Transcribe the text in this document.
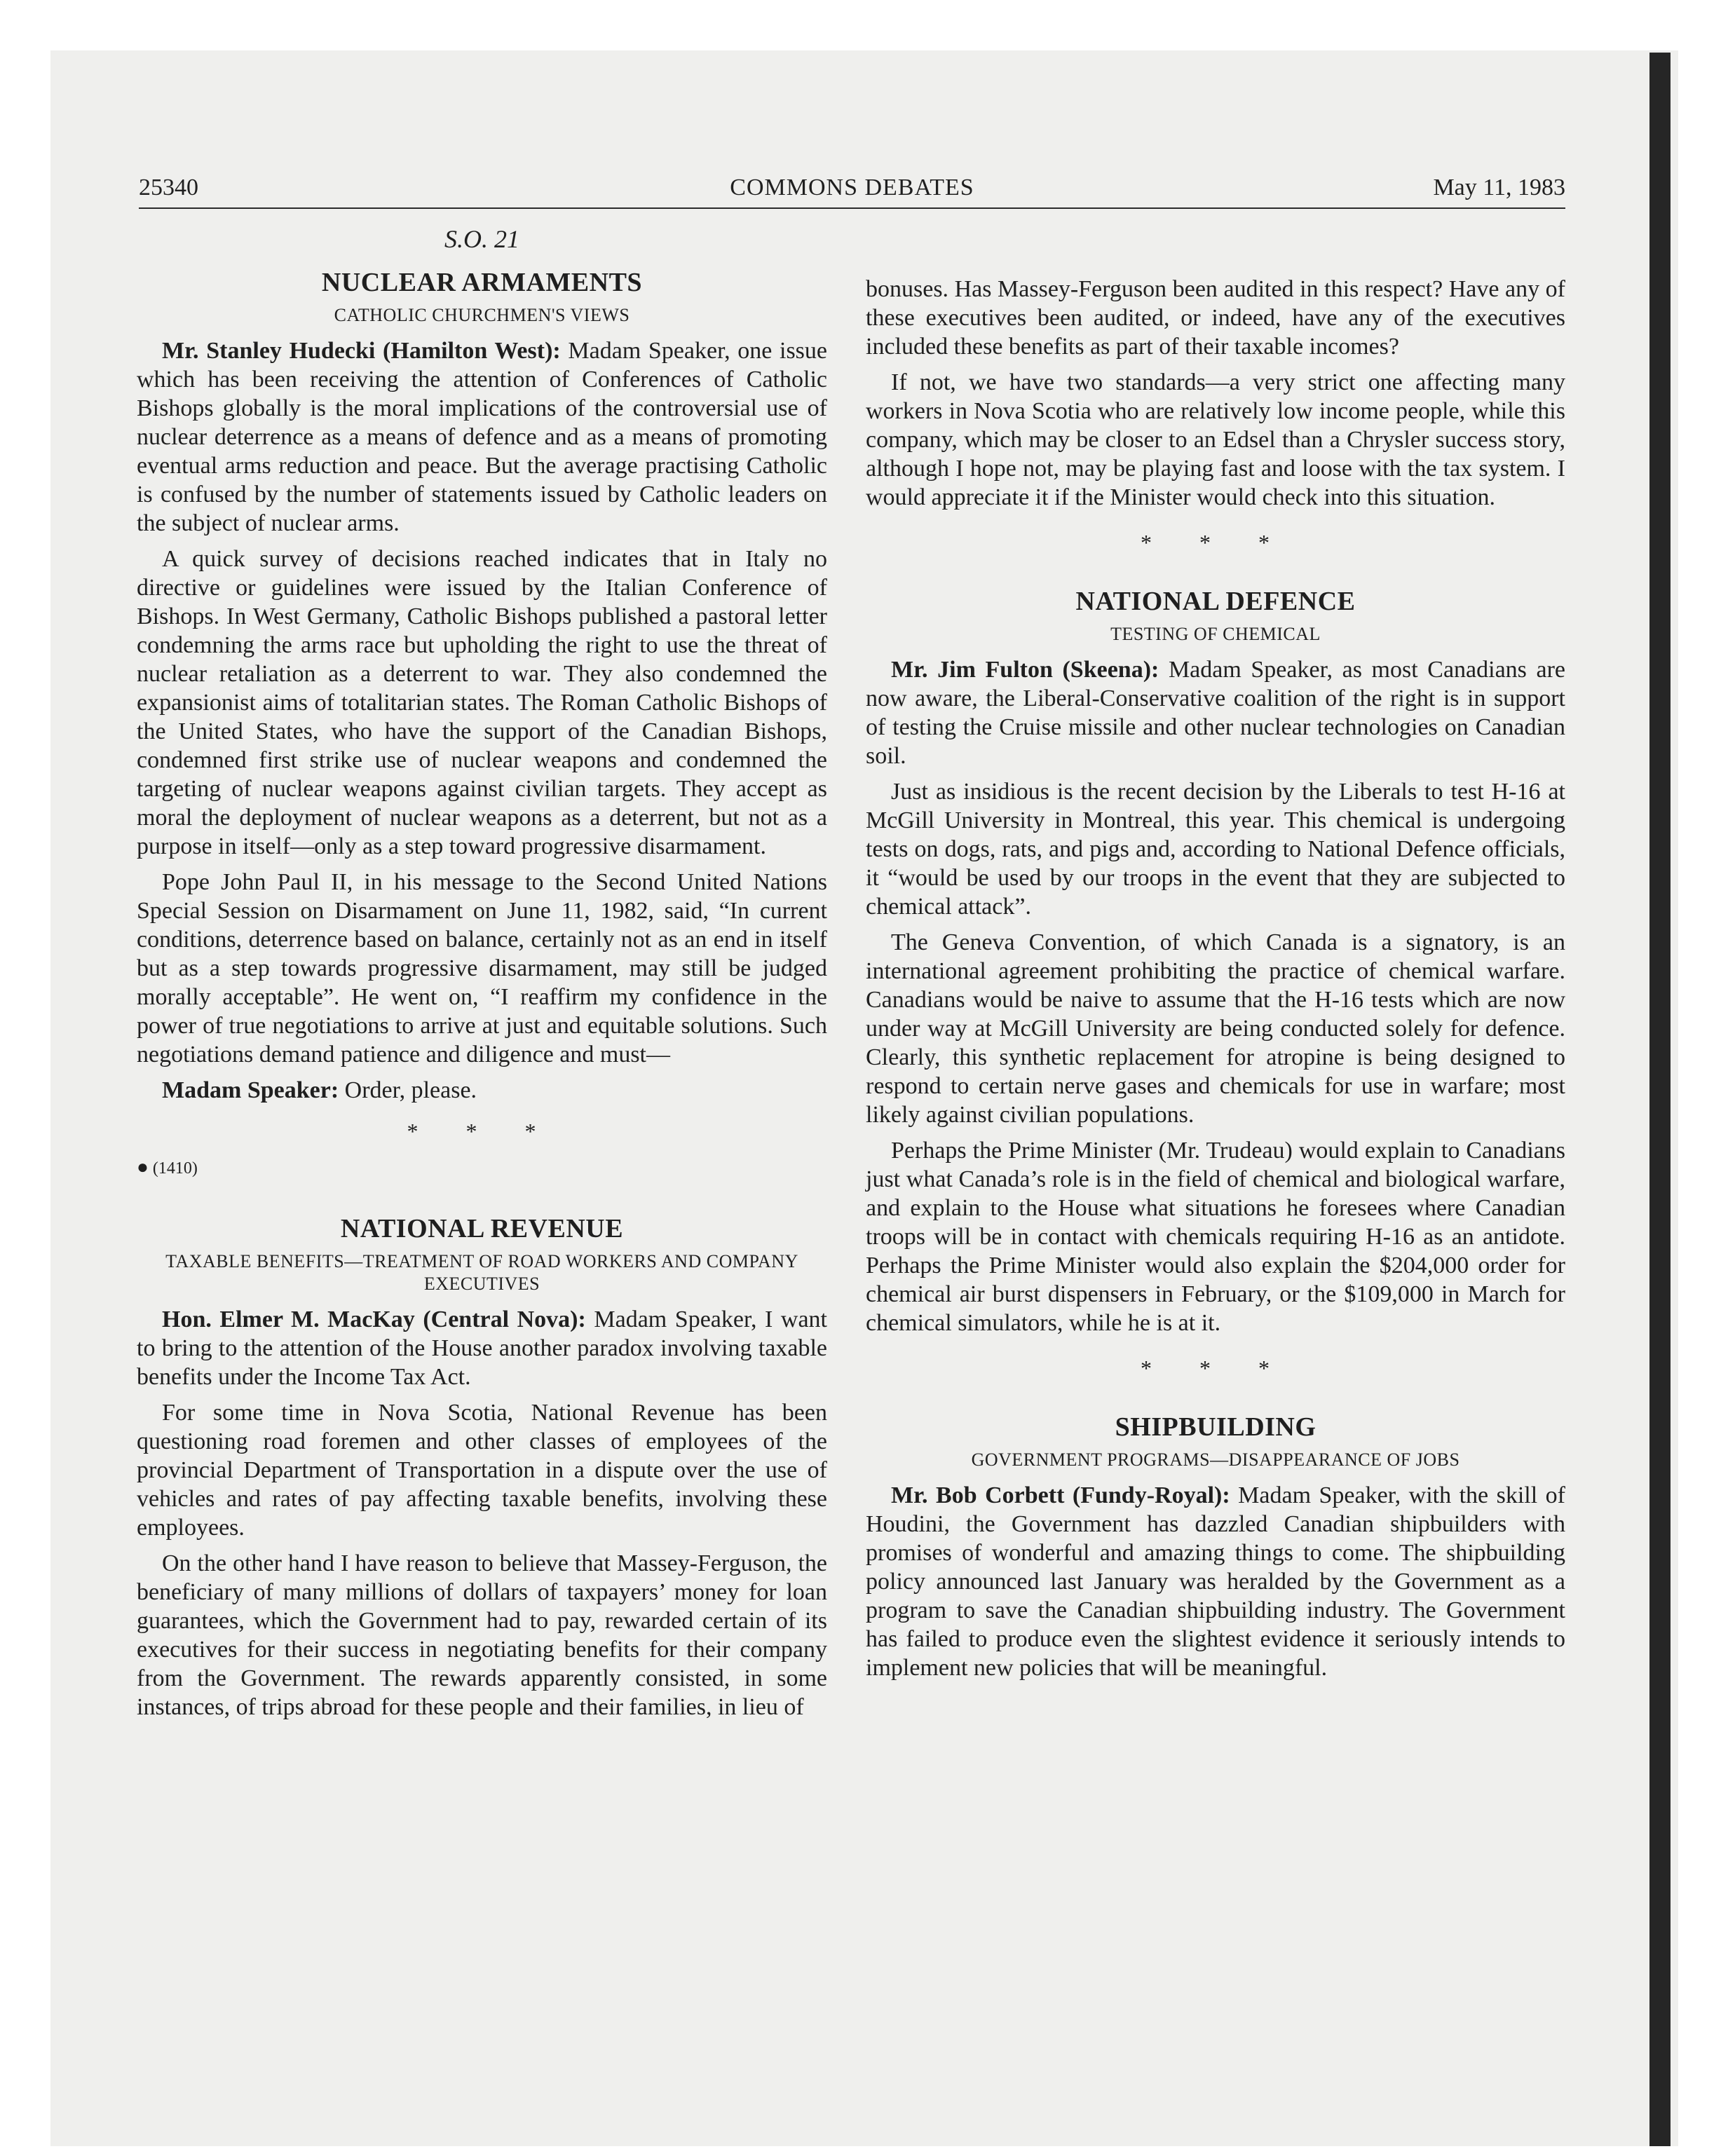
25340	COMMONS DEBATES	May 11, 1983
S.O. 21
NUCLEAR ARMAMENTS
CATHOLIC CHURCHMEN'S VIEWS

Mr. Stanley Hudecki (Hamilton West): Madam Speaker, one issue which has been receiving the attention of Conferences of Catholic Bishops globally is the moral implications of the controversial use of nuclear deterrence as a means of defence and as a means of promoting eventual arms reduction and peace. But the average practising Catholic is confused by the number of statements issued by Catholic leaders on the subject of nuclear arms.

A quick survey of decisions reached indicates that in Italy no directive or guidelines were issued by the Italian Conference of Bishops. In West Germany, Catholic Bishops published a pastoral letter condemning the arms race but upholding the right to use the threat of nuclear retaliation as a deterrent to war. They also condemned the expansionist aims of totalitarian states. The Roman Catholic Bishops of the United States, who have the support of the Canadian Bishops, condemned first strike use of nuclear weapons and condemned the targeting of nuclear weapons against civilian targets. They accept as moral the deployment of nuclear weapons as a deterrent, but not as a purpose in itself—only as a step toward progressive disarmament.

Pope John Paul II, in his message to the Second United Nations Special Session on Disarmament on June 11, 1982, said, “In current conditions, deterrence based on balance, certainly not as an end in itself but as a step towards progressive disarmament, may still be judged morally acceptable”. He went on, “I reaffirm my confidence in the power of true negotiations to arrive at just and equitable solutions. Such negotiations demand patience and diligence and must—

Madam Speaker: Order, please.

* * *
● (1410)
NATIONAL REVENUE
TAXABLE BENEFITS—TREATMENT OF ROAD WORKERS AND COMPANY EXECUTIVES

Hon. Elmer M. MacKay (Central Nova): Madam Speaker, I want to bring to the attention of the House another paradox involving taxable benefits under the Income Tax Act.

For some time in Nova Scotia, National Revenue has been questioning road foremen and other classes of employees of the provincial Department of Transportation in a dispute over the use of vehicles and rates of pay affecting taxable benefits, involving these employees.

On the other hand I have reason to believe that Massey-Ferguson, the beneficiary of many millions of dollars of taxpayers’ money for loan guarantees, which the Government had to pay, rewarded certain of its executives for their success in negotiating benefits for their company from the Government. The rewards apparently consisted, in some instances, of trips abroad for these people and their families, in lieu of

bonuses. Has Massey-Ferguson been audited in this respect? Have any of these executives been audited, or indeed, have any of the executives included these benefits as part of their taxable incomes?

If not, we have two standards—a very strict one affecting many workers in Nova Scotia who are relatively low income people, while this company, which may be closer to an Edsel than a Chrysler success story, although I hope not, may be playing fast and loose with the tax system. I would appreciate it if the Minister would check into this situation.

* * *
NATIONAL DEFENCE
TESTING OF CHEMICAL

Mr. Jim Fulton (Skeena): Madam Speaker, as most Canadians are now aware, the Liberal-Conservative coalition of the right is in support of testing the Cruise missile and other nuclear technologies on Canadian soil.

Just as insidious is the recent decision by the Liberals to test H-16 at McGill University in Montreal, this year. This chemical is undergoing tests on dogs, rats, and pigs and, according to National Defence officials, it “would be used by our troops in the event that they are subjected to chemical attack”.

The Geneva Convention, of which Canada is a signatory, is an international agreement prohibiting the practice of chemical warfare. Canadians would be naive to assume that the H-16 tests which are now under way at McGill University are being conducted solely for defence. Clearly, this synthetic replacement for atropine is being designed to respond to certain nerve gases and chemicals for use in warfare; most likely against civilian populations.

Perhaps the Prime Minister (Mr. Trudeau) would explain to Canadians just what Canada’s role is in the field of chemical and biological warfare, and explain to the House what situations he foresees where Canadian troops will be in contact with chemicals requiring H-16 as an antidote. Perhaps the Prime Minister would also explain the $204,000 order for chemical air burst dispensers in February, or the $109,000 in March for chemical simulators, while he is at it.

* * *
SHIPBUILDING
GOVERNMENT PROGRAMS—DISAPPEARANCE OF JOBS

Mr. Bob Corbett (Fundy-Royal): Madam Speaker, with the skill of Houdini, the Government has dazzled Canadian shipbuilders with promises of wonderful and amazing things to come. The shipbuilding policy announced last January was heralded by the Government as a program to save the Canadian shipbuilding industry. The Government has failed to produce even the slightest evidence it seriously intends to implement new policies that will be meaningful.
